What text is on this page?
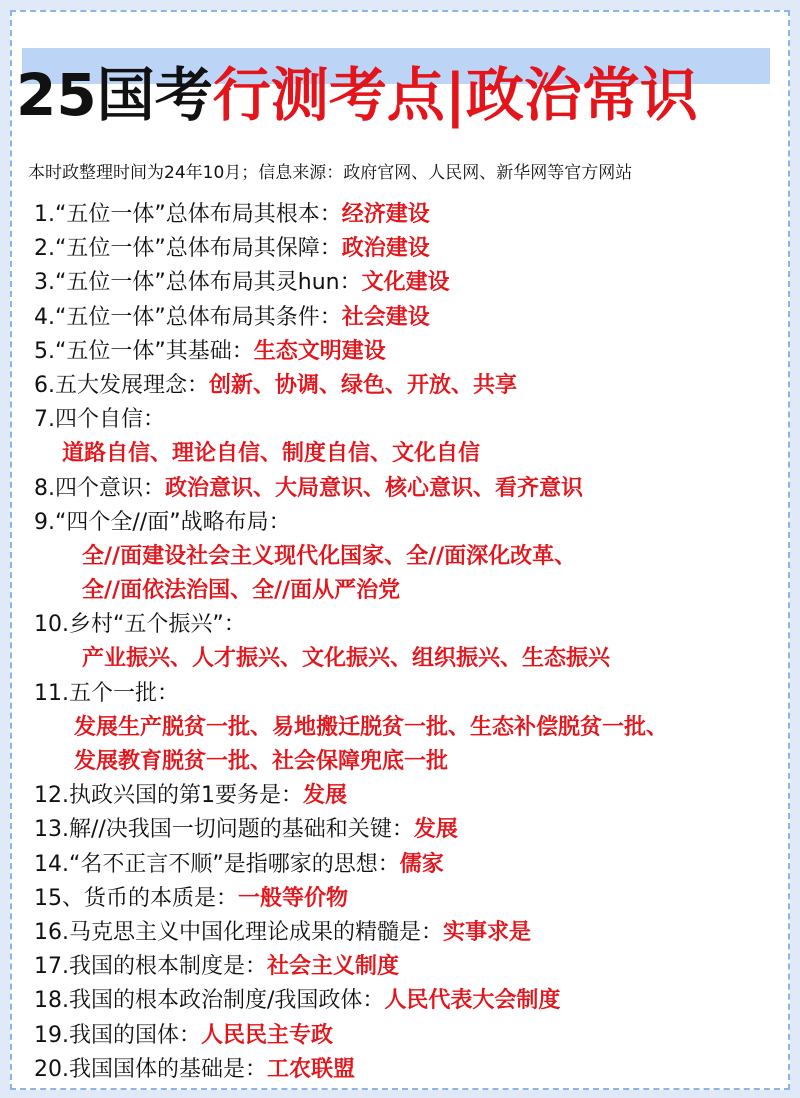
25国考行测考点|政治常识
本时政整理时间为24年10月；信息来源：政府官网、人民网、新华网等官方网站
1.“五位一体”总体布局其根本：经济建设
2.“五位一体”总体布局其保障：政治建设
3.“五位一体”总体布局其灵hun：文化建设
4.“五位一体”总体布局其条件：社会建设
5.“五位一体”其基础：生态文明建设
6.五大发展理念：创新、协调、绿色、开放、共享
7.四个自信：
道路自信、理论自信、制度自信、文化自信
8.四个意识：政治意识、大局意识、核心意识、看齐意识
9.“四个全//面”战略布局：
全//面建设社会主义现代化国家、全//面深化改革、
全//面依法治国、全//面从严治党
10.乡村“五个振兴”：
产业振兴、人才振兴、文化振兴、组织振兴、生态振兴
11.五个一批：
发展生产脱贫一批、易地搬迁脱贫一批、生态补偿脱贫一批、
发展教育脱贫一批、社会保障兜底一批
12.执政兴国的第1要务是：发展
13.解//决我国一切问题的基础和关键：发展
14.“名不正言不顺”是指哪家的思想：儒家
15、货币的本质是：一般等价物
16.马克思主义中国化理论成果的精髓是：实事求是
17.我国的根本制度是：社会主义制度
18.我国的根本政治制度/我国政体：人民代表大会制度
19.我国的国体：人民民主专政
20.我国国体的基础是：工农联盟
